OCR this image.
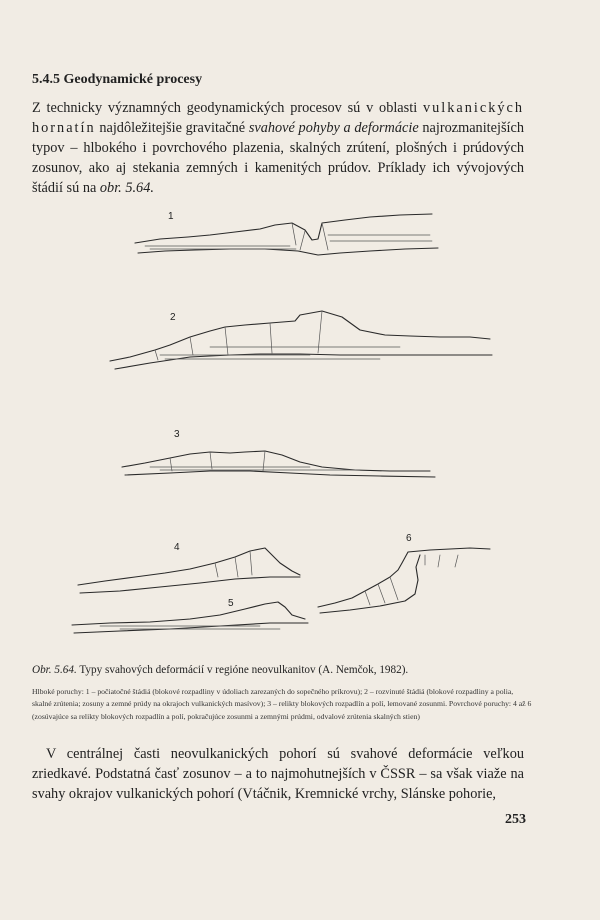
5.4.5 Geodynamické procesy

Z technicky významných geodynamických procesov sú v oblasti vulkanických hornatín najdôležitejšie gravitačné svahové pohyby a deformácie najrozmanitejších typov – hlbokého i povrchového plazenia, skalných zrútení, plošných i prúdových zosunov, ako aj stekania zemných i kamenitých prúdov. Príklady ich vývojových štádií sú na obr. 5.64.

1
2
3
4
5
6

Obr. 5.64. Typy svahových deformácií v regióne neovulkanitov (A. Nemčok, 1982).

Hlboké poruchy: 1 – počiatočné štádiá (blokové rozpadliny v údoliach zarezaných do sopečného príkrovu); 2 – rozvinuté štádiá (blokové rozpadliny a polia, skalné zrútenia; zosuny a zemné prúdy na okrajoch vulkanických masívov); 3 – relikty blokových rozpadlín a polí, lemované zosunmi. Povrchové poruchy: 4 až 6 (zosúvajúce sa relikty blokových rozpadlín a polí, pokračujúce zosunmi a zemnými prúdmi, odvalové zrútenia skalných stien)

V centrálnej časti neovulkanických pohorí sú svahové deformácie veľkou zriedkavé. Podstatná časť zosunov – a to najmohutnejších v ČSSR – sa však viaže na svahy okrajov vulkanických pohorí (Vtáčnik, Kremnické vrchy, Slánske pohorie,

253
